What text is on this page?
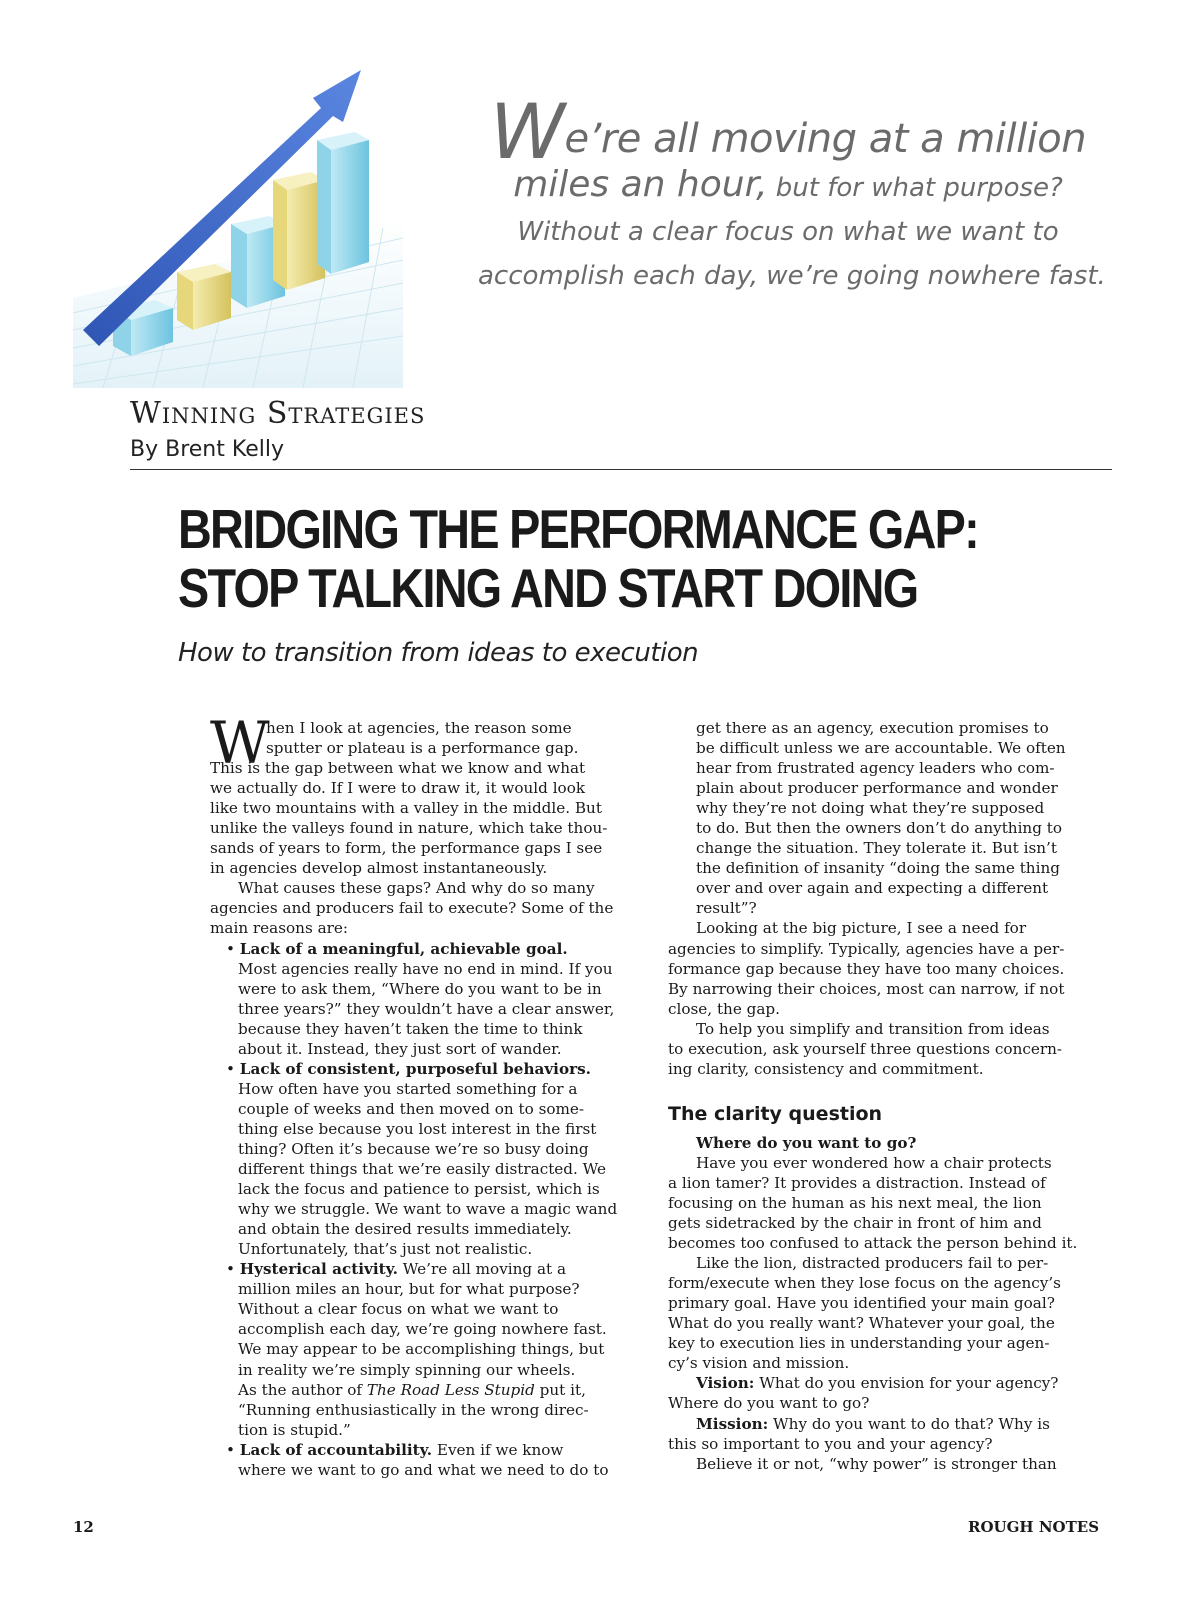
We’re all moving at a million
miles an hour, but for what purpose?
Without a clear focus on what we want to
accomplish each day, we’re going nowhere fast.
Winning Strategies
By Brent Kelly
BRIDGING THE PERFORMANCE GAP:
STOP TALKING AND START DOING
How to transition from ideas to execution
W
hen I look at agencies, the reason some
sputter or plateau is a performance gap.
This is the gap between what we know and what
we actually do. If I were to draw it, it would look
like two mountains with a valley in the middle. But
unlike the valleys found in nature, which take thou-
sands of years to form, the performance gaps I see
in agencies develop almost instantaneously.
What causes these gaps? And why do so many
agencies and producers fail to execute? Some of the
main reasons are:
• Lack of a meaningful, achievable goal.
Most agencies really have no end in mind. If you
were to ask them, “Where do you want to be in
three years?” they wouldn’t have a clear answer,
because they haven’t taken the time to think
about it. Instead, they just sort of wander.
• Lack of consistent, purposeful behaviors.
How often have you started something for a
couple of weeks and then moved on to some-
thing else because you lost interest in the first
thing? Often it’s because we’re so busy doing
different things that we’re easily distracted. We
lack the focus and patience to persist, which is
why we struggle. We want to wave a magic wand
and obtain the desired results immediately.
Unfortunately, that’s just not realistic.
• Hysterical activity. We’re all moving at a
million miles an hour, but for what purpose?
Without a clear focus on what we want to
accomplish each day, we’re going nowhere fast.
We may appear to be accomplishing things, but
in reality we’re simply spinning our wheels.
As the author of The Road Less Stupid put it,
“Running enthusiastically in the wrong direc-
tion is stupid.”
• Lack of accountability. Even if we know
where we want to go and what we need to do to
get there as an agency, execution promises to
be difficult unless we are accountable. We often
hear from frustrated agency leaders who com-
plain about producer performance and wonder
why they’re not doing what they’re supposed
to do. But then the owners don’t do anything to
change the situation. They tolerate it. But isn’t
the definition of insanity “doing the same thing
over and over again and expecting a different
result”?
Looking at the big picture, I see a need for
agencies to simplify. Typically, agencies have a per-
formance gap because they have too many choices.
By narrowing their choices, most can narrow, if not
close, the gap.
To help you simplify and transition from ideas
to execution, ask yourself three questions concern-
ing clarity, consistency and commitment.
The clarity question
Where do you want to go?
Have you ever wondered how a chair protects
a lion tamer? It provides a distraction. Instead of
focusing on the human as his next meal, the lion
gets sidetracked by the chair in front of him and
becomes too confused to attack the person behind it.
Like the lion, distracted producers fail to per-
form/execute when they lose focus on the agency’s
primary goal. Have you identified your main goal?
What do you really want? Whatever your goal, the
key to execution lies in understanding your agen-
cy’s vision and mission.
Vision: What do you envision for your agency?
Where do you want to go?
Mission: Why do you want to do that? Why is
this so important to you and your agency?
Believe it or not, “why power” is stronger than
12	ROUGH NOTES
